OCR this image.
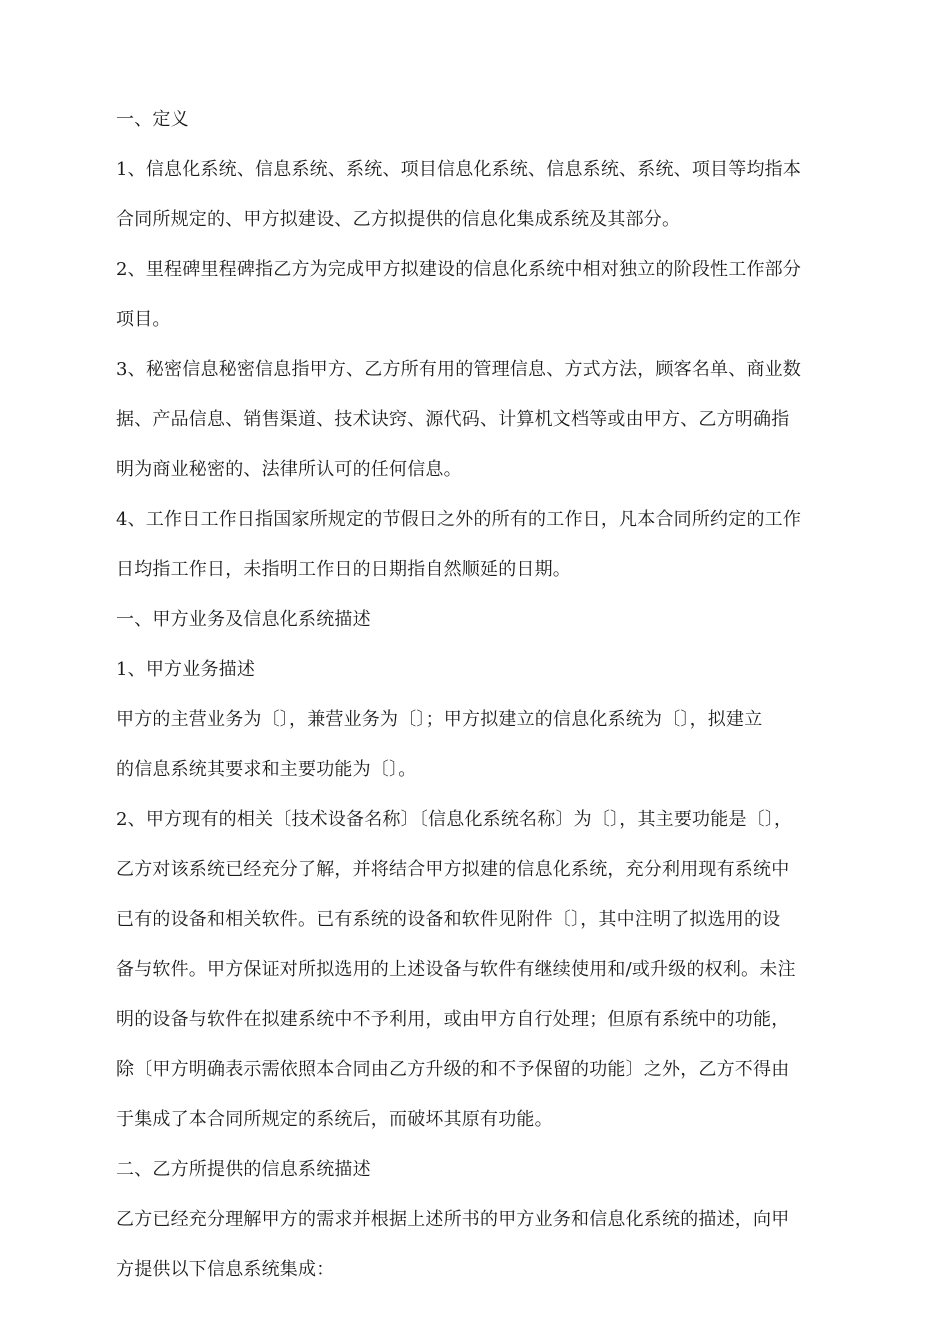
一、定义
1、信息化系统、信息系统、系统、项目信息化系统、信息系统、系统、项目等均指本
合同所规定的、甲方拟建设、乙方拟提供的信息化集成系统及其部分。
2、里程碑里程碑指乙方为完成甲方拟建设的信息化系统中相对独立的阶段性工作部分
项目。
3、秘密信息秘密信息指甲方、乙方所有用的管理信息、方式方法，顾客名单、商业数
据、产品信息、销售渠道、技术诀窍、源代码、计算机文档等或由甲方、乙方明确指
明为商业秘密的、法律所认可的任何信息。
4、工作日工作日指国家所规定的节假日之外的所有的工作日，凡本合同所约定的工作
日均指工作日，未指明工作日的日期指自然顺延的日期。
一、甲方业务及信息化系统描述
1、甲方业务描述
甲方的主营业务为〔〕，兼营业务为〔〕；甲方拟建立的信息化系统为〔〕，拟建立
的信息系统其要求和主要功能为〔〕。
2、甲方现有的相关〔技术设备名称〕〔信息化系统名称〕为〔〕，其主要功能是〔〕，
乙方对该系统已经充分了解，并将结合甲方拟建的信息化系统，充分利用现有系统中
已有的设备和相关软件。已有系统的设备和软件见附件〔〕，其中注明了拟选用的设
备与软件。甲方保证对所拟选用的上述设备与软件有继续使用和/或升级的权利。未注
明的设备与软件在拟建系统中不予利用，或由甲方自行处理；但原有系统中的功能，
除〔甲方明确表示需依照本合同由乙方升级的和不予保留的功能〕之外，乙方不得由
于集成了本合同所规定的系统后，而破坏其原有功能。
二、乙方所提供的信息系统描述
乙方已经充分理解甲方的需求并根据上述所书的甲方业务和信息化系统的描述，向甲
方提供以下信息系统集成：
